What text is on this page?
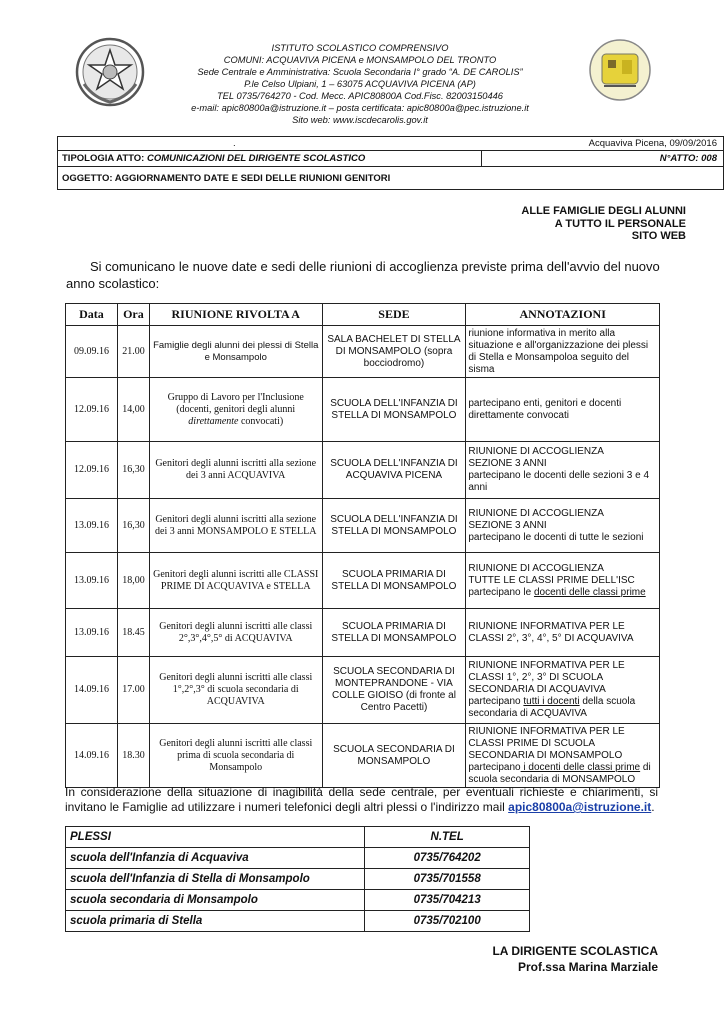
ISTITUTO SCOLASTICO COMPRENSIVO
COMUNI: ACQUAVIVA PICENA e MONSAMPOLO DEL TRONTO
Sede Centrale e Amministrativa: Scuola Secondaria I° grado “A. DE CAROLIS”
P.le Celso Ulpiani, 1 – 63075 ACQUAVIVA PICENA (AP)
TEL 0735/764270 - Cod. Mecc. APIC80800A Cod.Fisc. 82003150446
e-mail: apic80800a@istruzione.it – posta certificata: apic80800a@pec.istruzione.it
Sito web: www.iscdecarolis.gov.it
.	Acquaviva Picena, 09/09/2016
TIPOLOGIA ATTO: COMUNICAZIONI DEL DIRIGENTE SCOLASTICO	N°ATTO: 008
OGGETTO: AGGIORNAMENTO DATE E SEDI DELLE RIUNIONI GENITORI
ALLE FAMIGLIE DEGLI ALUNNI
A TUTTO IL PERSONALE
SITO WEB
Si comunicano le nuove date e sedi delle riunioni di accoglienza previste prima dell'avvio del nuovo anno scolastico:
Data	Ora	RIUNIONE RIVOLTA A	SEDE	ANNOTAZIONI
09.09.16	21.00	Famiglie degli alunni dei plessi di Stella e Monsampolo	SALA BACHELET DI STELLA DI MONSAMPOLO (sopra bocciodromo)	riunione informativa in merito alla situazione e all'organizzazione dei plessi di Stella e Monsampoloa seguito del sisma
12.09.16	14,00	Gruppo di Lavoro per l'Inclusione
(docenti, genitori degli alunni direttamente convocati)	SCUOLA DELL'INFANZIA DI STELLA DI MONSAMPOLO	partecipano enti, genitori e docenti direttamente convocati
12.09.16	16,30	Genitori degli alunni iscritti alla sezione dei 3 anni ACQUAVIVA	SCUOLA DELL'INFANZIA DI ACQUAVIVA PICENA	RIUNIONE DI ACCOGLIENZA
SEZIONE 3 ANNI
partecipano le docenti delle sezioni 3 e 4 anni

13.09.16	16,30	Genitori degli alunni iscritti alla sezione dei 3 anni MONSAMPOLO E STELLA	SCUOLA DELL'INFANZIA DI STELLA DI MONSAMPOLO	RIUNIONE DI ACCOGLIENZA
SEZIONE 3 ANNI
partecipano le docenti di tutte le sezioni

13.09.16	18,00	Genitori degli alunni iscritti alle CLASSI PRIME DI ACQUAVIVA e STELLA	SCUOLA PRIMARIA DI STELLA DI MONSAMPOLO	RIUNIONE DI ACCOGLIENZA
TUTTE LE CLASSI PRIME DELL'ISC
partecipano le docenti delle classi prime

13.09.16	18.45	Genitori degli alunni iscritti alle classi 2°,3°,4°,5° di ACQUAVIVA	SCUOLA PRIMARIA DI STELLA DI MONSAMPOLO	RIUNIONE INFORMATIVA PER LE CLASSI 2°, 3°, 4°, 5° DI ACQUAVIVA
14.09.16	17.00	Genitori degli alunni iscritti alle classi 1°,2°,3° di scuola secondaria di ACQUAVIVA	SCUOLA SECONDARIA DI MONTEPRANDONE - VIA COLLE GIOISO (di fronte al Centro Pacetti)	RIUNIONE INFORMATIVA PER LE CLASSI 1°, 2°, 3° DI SCUOLA SECONDARIA DI ACQUAVIVA
partecipano tutti i docenti della scuola secondaria di ACQUAVIVA

14.09.16	18.30	Genitori degli alunni iscritti alle classi prima di scuola secondaria di Monsampolo	SCUOLA SECONDARIA DI MONSAMPOLO	RIUNIONE INFORMATIVA PER LE CLASSI PRIME DI SCUOLA SECONDARIA DI MONSAMPOLO
partecipano i docenti delle classi prime di scuola secondaria di MONSAMPOLO
In considerazione della situazione di inagibilità della sede centrale, per eventuali richieste e chiarimenti, si invitano le Famiglie ad utilizzare i numeri telefonici degli altri plessi o l'indirizzo mail apic80800a@istruzione.it.
PLESSI	N.TEL
scuola dell'Infanzia di Acquaviva	0735/764202
scuola dell'Infanzia di Stella di Monsampolo	0735/701558
scuola secondaria di Monsampolo	0735/704213
scuola primaria di Stella	0735/702100
LA DIRIGENTE SCOLASTICA
Prof.ssa Marina Marziale
